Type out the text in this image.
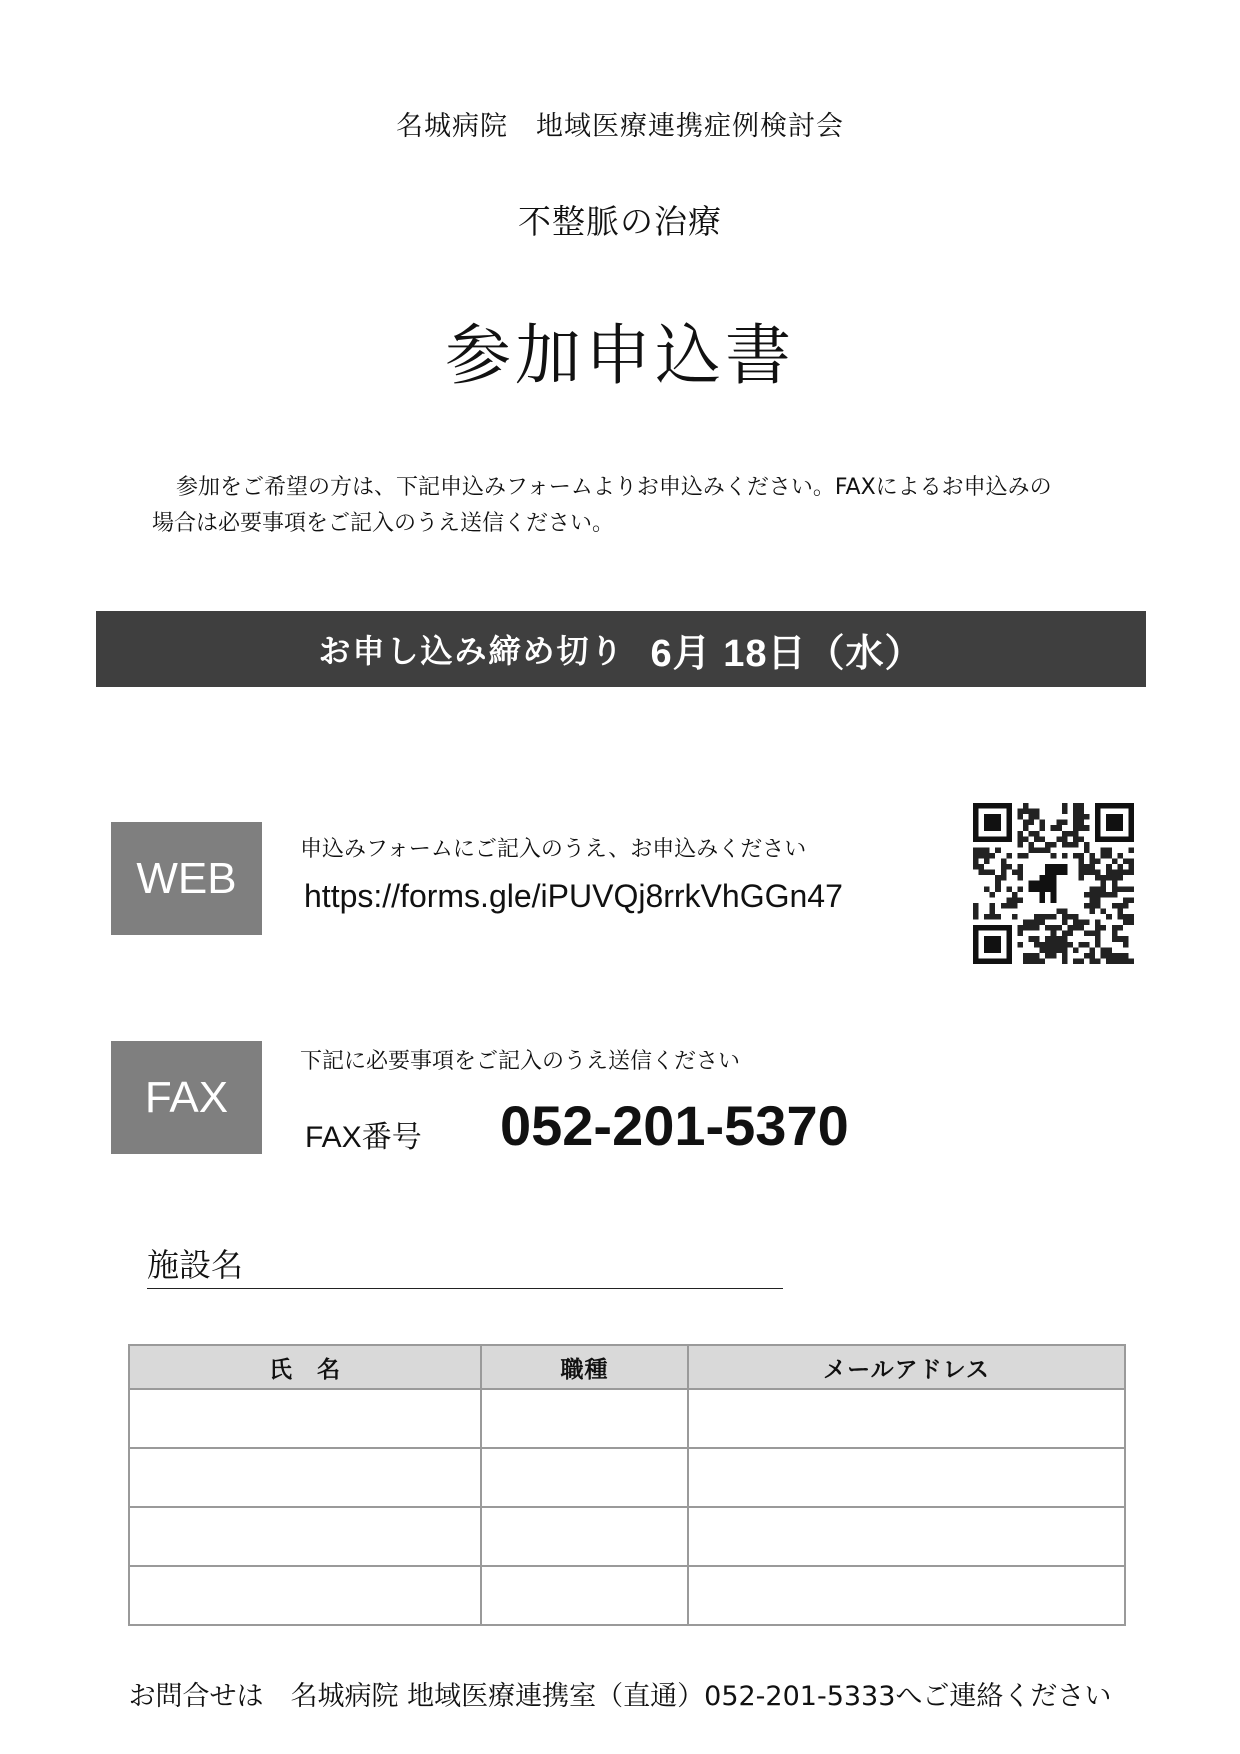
名城病院　地域医療連携症例検討会
不整脈の治療
参加申込書
参加をご希望の方は、下記申込みフォームよりお申込みください。FAXによるお申込みの
場合は必要事項をご記入のうえ送信ください。
お申し込み締め切り 6月 18日（水）
WEB
申込みフォームにご記入のうえ、お申込みください
https://forms.gle/iPUVQj8rrkVhGGn47
FAX
下記に必要事項をご記入のうえ送信ください
FAX番号 052-201-5370
施設名
氏　名	職種	メールアドレス

お問合せは　名城病院 地域医療連携室（直通）052-201-5333へご連絡ください
